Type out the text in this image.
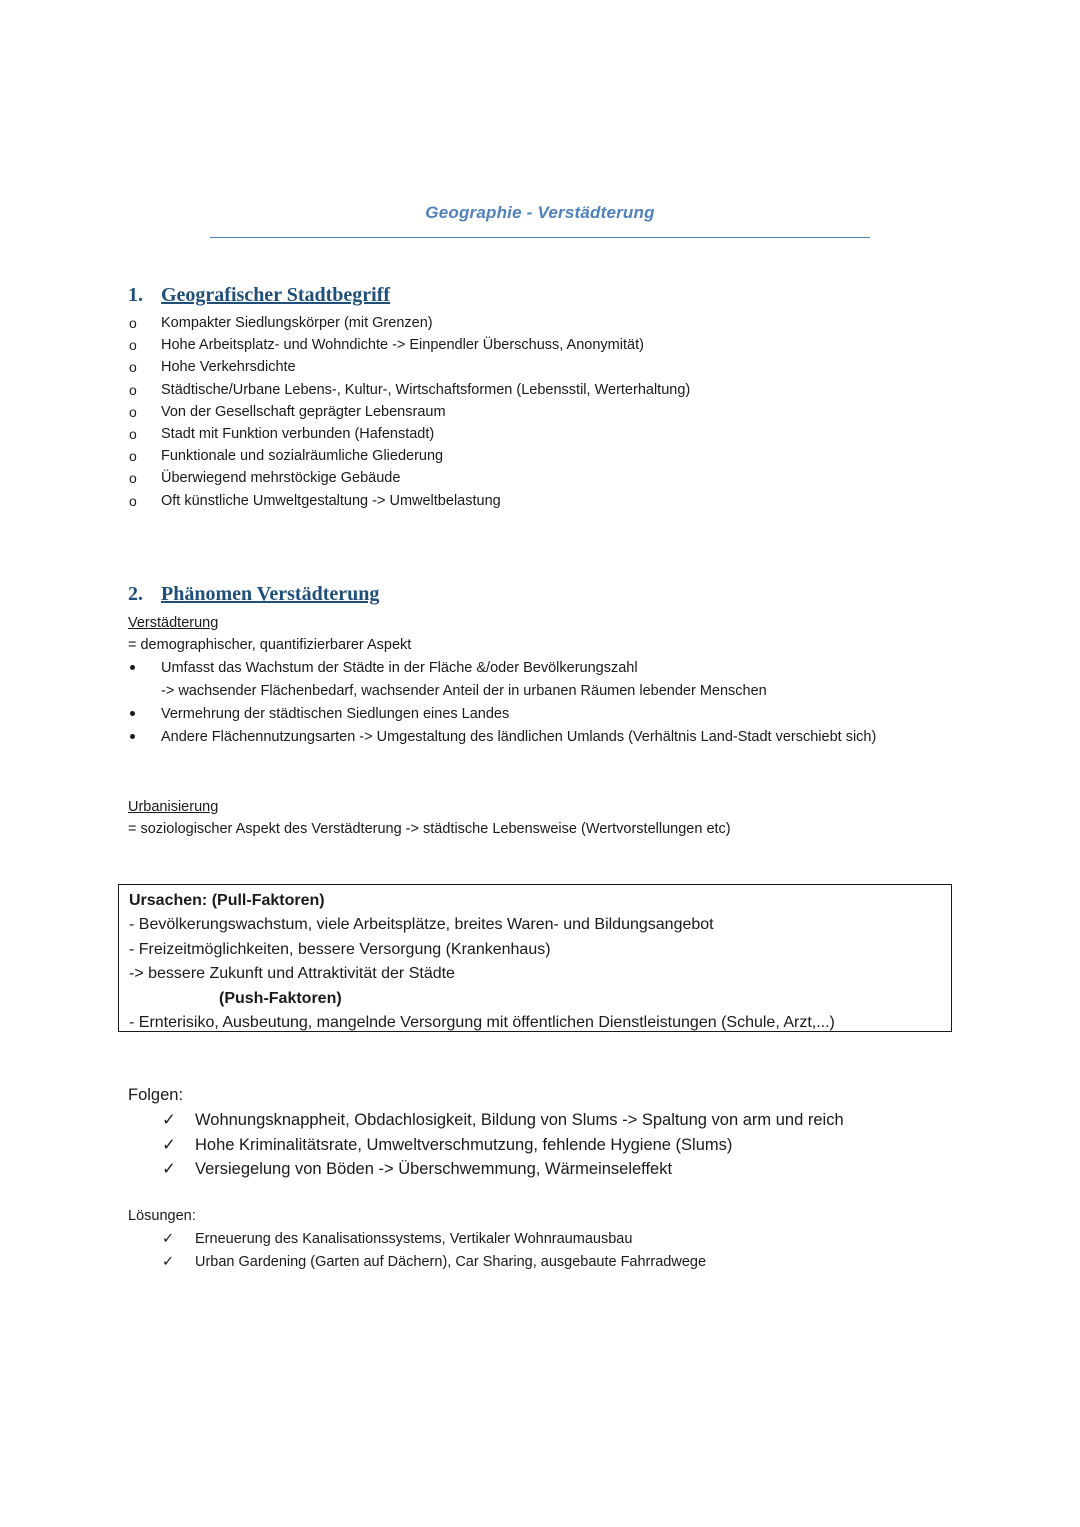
Geographie - Verstädterung
1. Geografischer Stadtbegriff
o Kompakter Siedlungskörper (mit Grenzen)
o Hohe Arbeitsplatz- und Wohndichte -> Einpendler Überschuss, Anonymität)
o Hohe Verkehrsdichte
o Städtische/Urbane Lebens-, Kultur-, Wirtschaftsformen (Lebensstil, Werterhaltung)
o Von der Gesellschaft geprägter Lebensraum
o Stadt mit Funktion verbunden (Hafenstadt)
o Funktionale und sozialräumliche Gliederung
o Überwiegend mehrstöckige Gebäude
o Oft künstliche Umweltgestaltung -> Umweltbelastung
2. Phänomen Verstädterung
Verstädterung
= demographischer, quantifizierbarer Aspekt
Umfasst das Wachstum der Städte in der Fläche &/oder Bevölkerungszahl
-> wachsender Flächenbedarf, wachsender Anteil der in urbanen Räumen lebender Menschen
Vermehrung der städtischen Siedlungen eines Landes
Andere Flächennutzungsarten -> Umgestaltung des ländlichen Umlands (Verhältnis Land-Stadt verschiebt sich)
Urbanisierung
= soziologischer Aspekt des Verstädterung -> städtische Lebensweise (Wertvorstellungen etc)
Ursachen: (Pull-Faktoren)
- Bevölkerungswachstum, viele Arbeitsplätze, breites Waren- und Bildungsangebot
- Freizeitmöglichkeiten, bessere Versorgung (Krankenhaus)
-> bessere Zukunft und Attraktivität der Städte
(Push-Faktoren)
- Ernterisiko, Ausbeutung, mangelnde Versorgung mit öffentlichen Dienstleistungen (Schule, Arzt,...)
Folgen:
✓ Wohnungsknappheit, Obdachlosigkeit, Bildung von Slums -> Spaltung von arm und reich
✓ Hohe Kriminalitätsrate, Umweltverschmutzung, fehlende Hygiene (Slums)
✓ Versiegelung von Böden -> Überschwemmung, Wärmeinseleffekt
Lösungen:
✓ Erneuerung des Kanalisationssystems, Vertikaler Wohnraumausbau
✓ Urban Gardening (Garten auf Dächern), Car Sharing, ausgebaute Fahrradwege
